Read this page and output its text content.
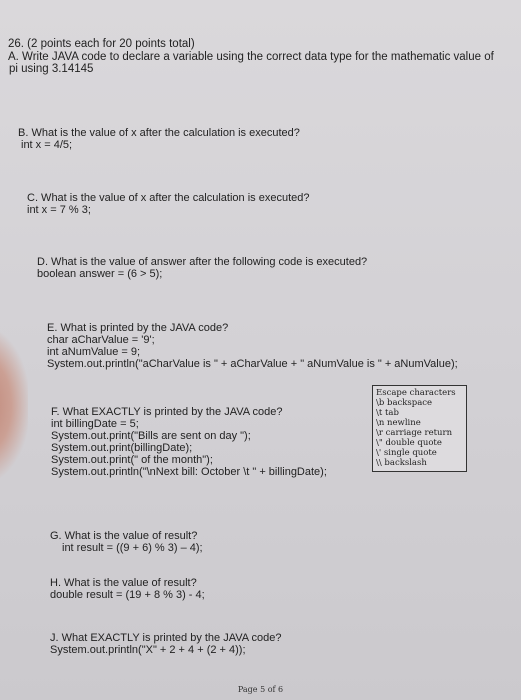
26. (2 points each for 20 points total)
A. Write JAVA code to declare a variable using the correct data type for the mathematic value of
pi using 3.14145
B. What is the value of x after the calculation is executed?
int x = 4/5;
C. What is the value of x after the calculation is executed?
int x = 7 % 3;
D. What is the value of answer after the following code is executed?
boolean answer = (6 > 5);
E. What is printed by the JAVA code?
char aCharValue = '9';
int aNumValue = 9;
System.out.println("aCharValue is " + aCharValue + " aNumValue is " + aNumValue);
F. What EXACTLY is printed by the JAVA code?
int billingDate = 5;
System.out.print("Bills are sent on day ");
System.out.print(billingDate);
System.out.print(" of the month");
System.out.println("\nNext bill: October \t " + billingDate);
Escape characters
\b backspace
\t tab
\n newline
\r carriage return
\" double quote
\' single quote
\\ backslash
G. What is the value of result?
int result = ((9 + 6) % 3) – 4);
H. What is the value of result?
double result = (19 + 8 % 3) - 4;
J. What EXACTLY is printed by the JAVA code?
System.out.println("X" + 2 + 4 + (2 + 4));
Page 5 of 6
